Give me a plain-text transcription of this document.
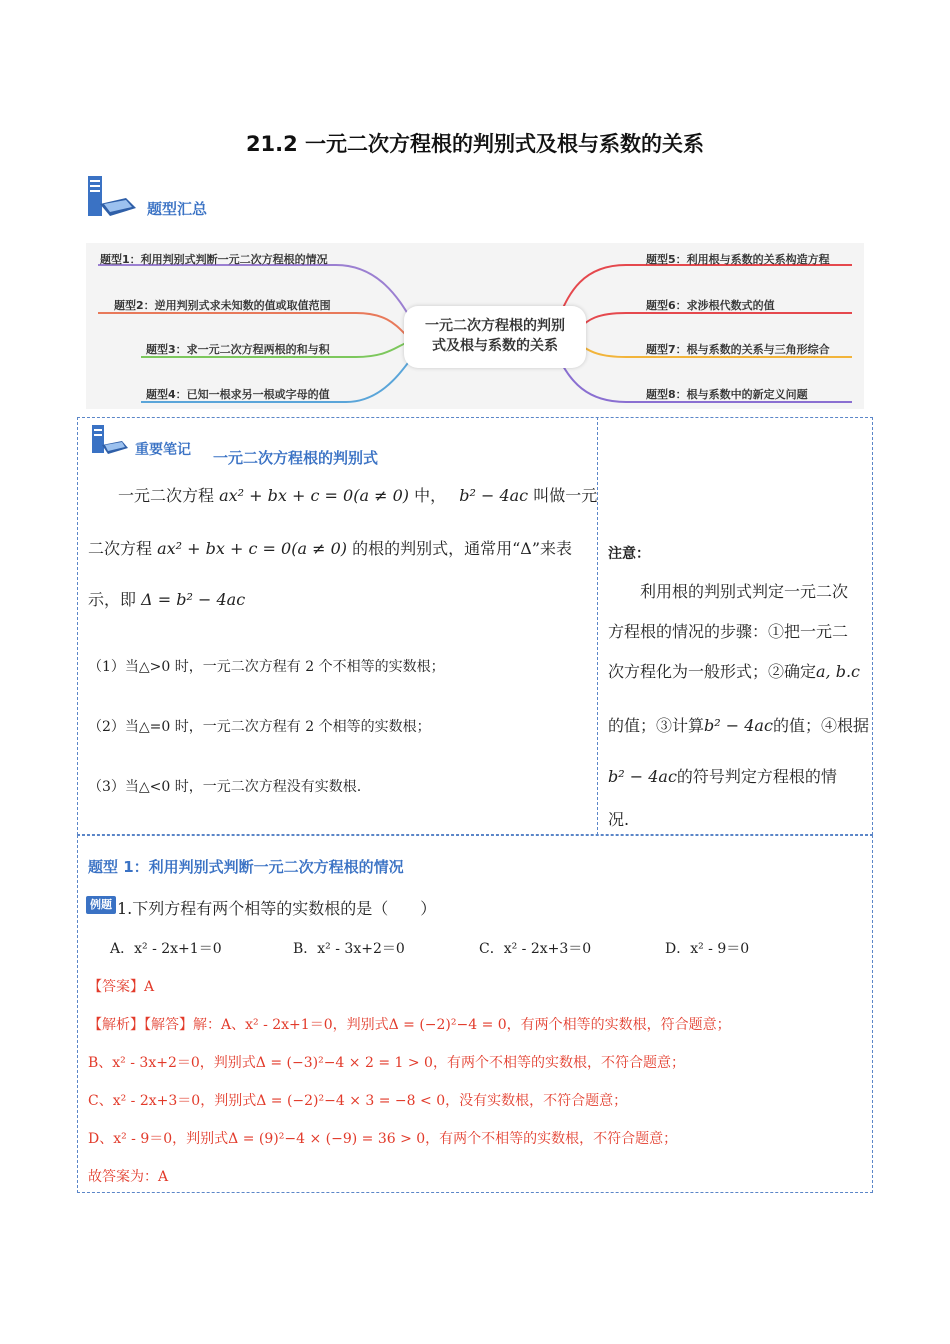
21.2 一元二次方程根的判别式及根与系数的关系
题型汇总
题型1：利用判别式判断一元二次方程根的情况
题型2：逆用判别式求未知数的值或取值范围
题型3：求一元二次方程两根的和与积
题型4：已知一根求另一根或字母的值
题型5：利用根与系数的关系构造方程
题型6：求涉根代数式的值
题型7：根与系数的关系与三角形综合
题型8：根与系数中的新定义问题
一元二次方程根的判别
式及根与系数的关系
重要笔记 一元二次方程根的判别式
一元二次方程 ax² + bx + c = 0(a ≠ 0) 中， b² − 4ac 叫做一元
二次方程 ax² + bx + c = 0(a ≠ 0) 的根的判别式，通常用“Δ”来表
示，即 Δ = b² − 4ac
（1）当△>0 时，一元二次方程有 2 个不相等的实数根；
（2）当△=0 时，一元二次方程有 2 个相等的实数根；
（3）当△<0 时，一元二次方程没有实数根.
注意：
利用根的判别式判定一元二次
方程根的情况的步骤：①把一元二
次方程化为一般形式；②确定a, b.c
的值；③计算b² − 4ac的值；④根据
b² − 4ac的符号判定方程根的情
况.
题型 1：利用判别式判断一元二次方程根的情况
例题 1.下列方程有两个相等的实数根的是（　　）
A．x² - 2x+1＝0	B．x² - 3x+2＝0	C．x² - 2x+3＝0	D．x² - 9＝0
【答案】A
【解析】【解答】解：A、x² - 2x+1＝0，判别式Δ = (−2)²−4 = 0，有两个相等的实数根，符合题意；
B、x² - 3x+2＝0，判别式Δ = (−3)²−4 × 2 = 1 > 0，有两个不相等的实数根，不符合题意；
C、x² - 2x+3＝0，判别式Δ = (−2)²−4 × 3 = −8 < 0，没有实数根，不符合题意；
D、x² - 9＝0，判别式Δ = (9)²−4 × (−9) = 36 > 0，有两个不相等的实数根，不符合题意；
故答案为：A
